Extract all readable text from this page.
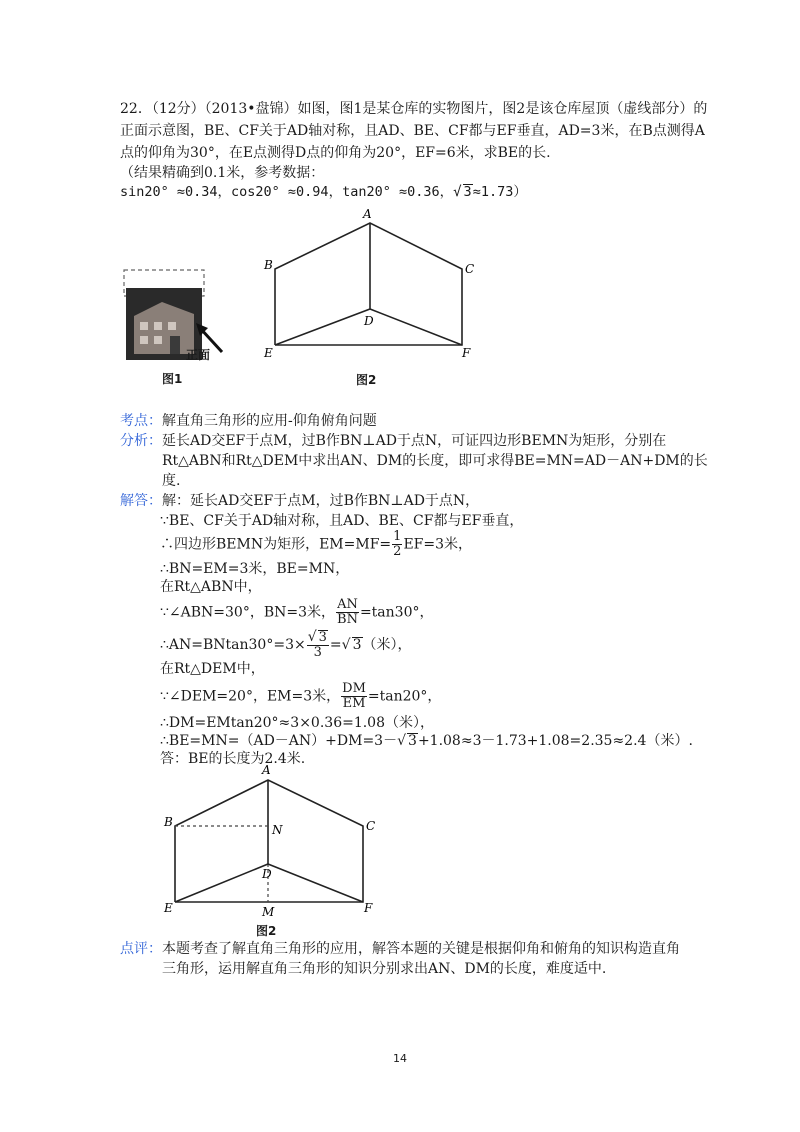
22．（12分）（2013•盘锦）如图，图1是某仓库的实物图片，图2是该仓库屋顶（虚线部分）的
正面示意图，BE、CF关于AD轴对称，且AD、BE、CF都与EF垂直，AD=3米，在B点测得A
点的仰角为30°，在E点测得D点的仰角为20°，EF=6米，求BE的长.
（结果精确到0.1米，参考数据：
sin20° ≈0.34，cos20° ≈0.94，tan20° ≈0.36，√ 3≈1.73）
正面
图1
A
B	C
D
E	F
图2
考点：解直角三角形的应用-仰角俯角问题
分析：延长AD交EF于点M，过B作BN⊥AD于点N，可证四边形BEMN为矩形，分别在
Rt△ABN和Rt△DEM中求出AN、DM的长度，即可求得BE=MN=AD－AN+DM的长
度.
解答：解：延长AD交EF于点M，过B作BN⊥AD于点N，
∵BE、CF关于AD轴对称，且AD、BE、CF都与EF垂直，
∴四边形BEMN为矩形，$EM=MF= \frac{1}{2} EF=3$米，
∴BN=EM=3米，BE=MN，
在Rt△ABN中，
∵∠ABN=30°，BN=3米， $\frac{AN}{BN} =\tan 30^\circ$，
∴AN=BNtan30°=3× $\frac{√ 3}{3}$ =√ 3（米），
在Rt△DEM中，
∵∠DEM=20°，EM=3米， $\frac{DM}{EM} =\tan 20^\circ$，
∴DM=EMtan20°≈3×0.36=1.08（米），
∴BE=MN=（AD－AN）+DM=3－√ 3+1.08≈3－1.73+1.08=2.35≈2.4（米）.
答：BE的长度为2.4米.
A
B	C
D
E	F
N
M
图2
点评：本题考查了解直角三角形的应用，解答本题的关键是根据仰角和俯角的知识构造直角
三角形，运用解直角三角形的知识分别求出AN、DM的长度，难度适中.
14
